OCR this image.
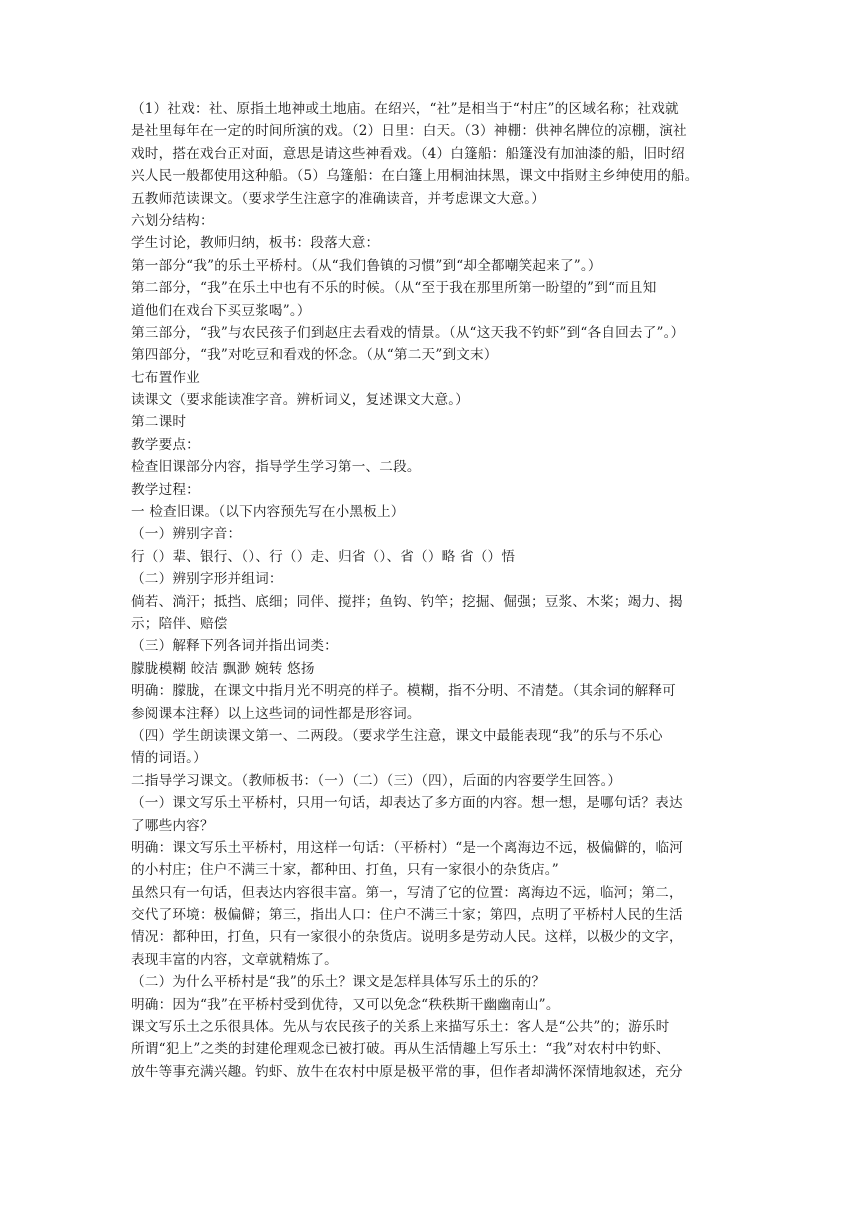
（1）社戏：社、原指土地神或土地庙。在绍兴，“社”是相当于“村庄”的区域名称；社戏就
是社里每年在一定的时间所演的戏。（2）日里：白天。（3）神棚：供神名牌位的凉棚，演社
戏时，搭在戏台正对面，意思是请这些神看戏。（4）白篷船：船篷没有加油漆的船，旧时绍
兴人民一般都使用这种船。（5）乌篷船：在白篷上用桐油抹黑，课文中指财主乡绅使用的船。
五教师范读课文。（要求学生注意字的准确读音，并考虑课文大意。）
六划分结构：
学生讨论，教师归纳，板书：段落大意：
第一部分“我”的乐土平桥村。（从“我们鲁镇的习惯”到“却全都嘲笑起来了”。）
第二部分，“我”在乐土中也有不乐的时候。（从“至于我在那里所第一盼望的”到“而且知
道他们在戏台下买豆浆喝”。）
第三部分，“我”与农民孩子们到赵庄去看戏的情景。（从“这天我不钓虾”到“各自回去了”。）
第四部分，“我”对吃豆和看戏的怀念。（从“第二天”到文末）
七布置作业
读课文（要求能读准字音。辨析词义，复述课文大意。）
第二课时
教学要点：
检查旧课部分内容，指导学生学习第一、二段。
教学过程：
一 检查旧课。（以下内容预先写在小黑板上）
（一）辨别字音：
行（）辈、银行、（）、行（）走、归省（）、省（）略 省（）悟
（二）辨别字形并组词：
倘若、淌汗；抵挡、底细；同伴、搅拌；鱼钩、钓竿；挖掘、倔强；豆浆、木桨；竭力、揭
示；陪伴、赔偿
（三）解释下列各词并指出词类：
朦胧模糊 皎洁 飘渺 婉转 悠扬
明确：朦胧，在课文中指月光不明亮的样子。模糊，指不分明、不清楚。（其余词的解释可
参阅课本注释）以上这些词的词性都是形容词。
（四）学生朗读课文第一、二两段。（要求学生注意，课文中最能表现“我”的乐与不乐心
情的词语。）
二指导学习课文。（教师板书：（一）（二）（三）（四），后面的内容要学生回答。）
（一）课文写乐土平桥村，只用一句话，却表达了多方面的内容。想一想，是哪句话？表达
了哪些内容？
明确：课文写乐土平桥村，用这样一句话：（平桥村）“是一个离海边不远，极偏僻的，临河
的小村庄；住户不满三十家，都种田、打鱼，只有一家很小的杂货店。”
虽然只有一句话，但表达内容很丰富。第一，写清了它的位置：离海边不远，临河；第二，
交代了环境：极偏僻；第三，指出人口：住户不满三十家；第四，点明了平桥村人民的生活
情况：都种田，打鱼，只有一家很小的杂货店。说明多是劳动人民。这样，以极少的文字，
表现丰富的内容，文章就精炼了。
（二）为什么平桥村是“我”的乐土？课文是怎样具体写乐土的乐的？
明确：因为“我”在平桥村受到优待，又可以免念“秩秩斯干幽幽南山”。
课文写乐土之乐很具体。先从与农民孩子的关系上来描写乐土：客人是“公共”的；游乐时
所谓“犯上”之类的封建伦理观念已被打破。再从生活情趣上写乐土：“我”对农村中钓虾、
放牛等事充满兴趣。钓虾、放牛在农村中原是极平常的事，但作者却满怀深情地叙述，充分
